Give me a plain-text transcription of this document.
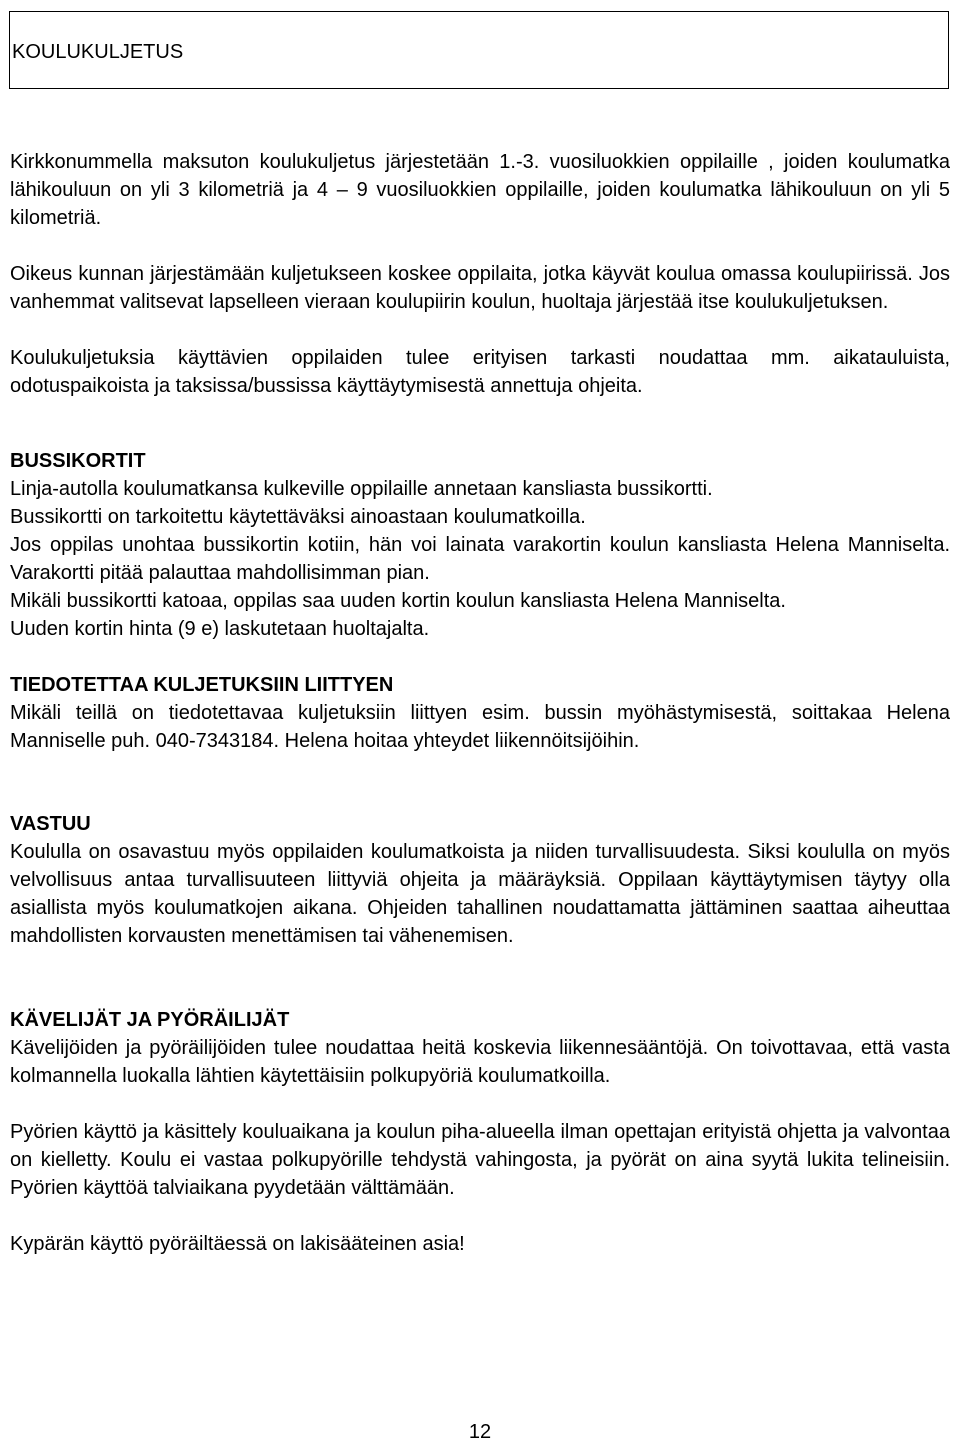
KOULUKULJETUS

Kirkkonummella maksuton koulukuljetus järjestetään 1.-3. vuosiluokkien oppilaille , joiden koulumatka lähikouluun on yli 3 kilometriä ja 4 – 9 vuosiluokkien oppilaille, joiden koulumatka lähikouluun on yli 5 kilometriä.

Oikeus kunnan järjestämään kuljetukseen koskee oppilaita, jotka käyvät koulua omassa koulupiirissä. Jos vanhemmat valitsevat lapselleen vieraan koulupiirin koulun, huoltaja järjestää itse koulukuljetuksen.

Koulukuljetuksia käyttävien oppilaiden tulee erityisen tarkasti noudattaa mm. aikatauluista, odotuspaikoista ja taksissa/bussissa käyttäytymisestä annettuja ohjeita.

BUSSIKORTIT

Linja-autolla koulumatkansa kulkeville oppilaille annetaan kansliasta bussikortti.

Bussikortti on tarkoitettu käytettäväksi ainoastaan koulumatkoilla.

Jos oppilas unohtaa bussikortin kotiin, hän voi lainata varakortin koulun kansliasta Helena Manniselta. Varakortti pitää palauttaa mahdollisimman pian.

Mikäli bussikortti katoaa, oppilas saa uuden kortin koulun kansliasta Helena Manniselta.

Uuden kortin hinta (9 e) laskutetaan huoltajalta.

TIEDOTETTAA KULJETUKSIIN LIITTYEN

Mikäli teillä on tiedotettavaa kuljetuksiin liittyen esim. bussin myöhästymisestä, soittakaa Helena Manniselle puh. 040-7343184. Helena hoitaa yhteydet liikennöitsijöihin.

VASTUU

Koululla on osavastuu myös oppilaiden koulumatkoista ja niiden turvallisuudesta. Siksi koululla on myös velvollisuus antaa turvallisuuteen liittyviä ohjeita ja määräyksiä. Oppilaan käyttäytymisen täytyy olla asiallista myös koulumatkojen aikana. Ohjeiden tahallinen noudattamatta jättäminen saattaa aiheuttaa mahdollisten korvausten menettämisen tai vähenemisen.

KÄVELIJÄT JA PYÖRÄILIJÄT

Kävelijöiden ja pyöräilijöiden tulee noudattaa heitä koskevia liikennesääntöjä. On toivottavaa, että vasta kolmannella luokalla lähtien käytettäisiin polkupyöriä koulumatkoilla.

Pyörien käyttö ja käsittely kouluaikana ja koulun piha-alueella ilman opettajan erityistä ohjetta ja valvontaa on kielletty. Koulu ei vastaa polkupyörille tehdystä vahingosta, ja pyörät on aina syytä lukita telineisiin. Pyörien käyttöä talviaikana pyydetään välttämään.

Kypärän käyttö pyöräiltäessä on lakisääteinen asia!

12
